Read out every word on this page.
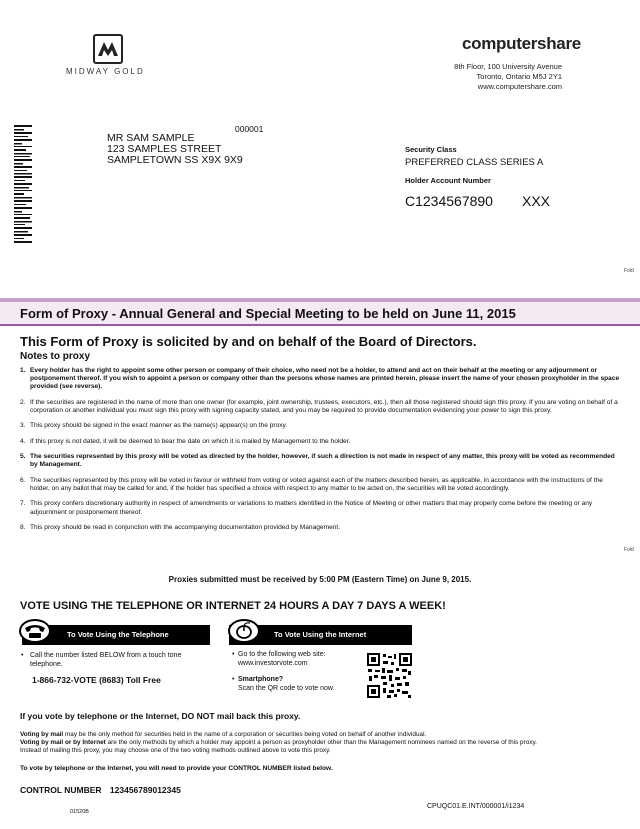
MIDWAY GOLD
computershare
8th Floor, 100 University Avenue
Toronto, Ontario M5J 2Y1
www.computershare.com
000001
MR SAM SAMPLE
123 SAMPLES STREET
SAMPLETOWN SS X9X 9X9
Security Class
PREFERRED CLASS SERIES A
Holder Account Number
C1234567890 XXX
Fold
Fold
Form of Proxy - Annual General and Special Meeting to be held on June 11, 2015
This Form of Proxy is solicited by and on behalf of the Board of Directors.
Notes to proxy
1. Every holder has the right to appoint some other person or company of their choice, who need not be a holder, to attend and act on their behalf at the meeting or any adjournment or postponement thereof. If you wish to appoint a person or company other than the persons whose names are printed herein, please insert the name of your chosen proxyholder in the space provided (see reverse).
2. If the securities are registered in the name of more than one owner (for example, joint ownership, trustees, executors, etc.), then all those registered should sign this proxy. If you are voting on behalf of a corporation or another individual you must sign this proxy with signing capacity stated, and you may be required to provide documentation evidencing your power to sign this proxy.
3. This proxy should be signed in the exact manner as the name(s) appear(s) on the proxy.
4. If this proxy is not dated, it will be deemed to bear the date on which it is mailed by Management to the holder.
5. The securities represented by this proxy will be voted as directed by the holder, however, if such a direction is not made in respect of any matter, this proxy will be voted as recommended by Management.
6. The securities represented by this proxy will be voted in favour or withheld from voting or voted against each of the matters described herein, as applicable, in accordance with the instructions of the holder, on any ballot that may be called for and, if the holder has specified a choice with respect to any matter to be acted on, the securities will be voted accordingly.
7. This proxy confers discretionary authority in respect of amendments or variations to matters identified in the Notice of Meeting or other matters that may properly come before the meeting or any adjournment or postponement thereof.
8. This proxy should be read in conjunction with the accompanying documentation provided by Management.
Proxies submitted must be received by 5:00 PM (Eastern Time) on June 9, 2015.
VOTE USING THE TELEPHONE OR INTERNET 24 HOURS A DAY 7 DAYS A WEEK!
To Vote Using the Telephone	To Vote Using the Internet
• Call the number listed BELOW from a touch tone telephone.
1-866-732-VOTE (8683) Toll Free
• Go to the following web site:
www.investorvote.com
• Smartphone?
Scan the QR code to vote now.
If you vote by telephone or the Internet, DO NOT mail back this proxy.
Voting by mail may be the only method for securities held in the name of a corporation or securities being voted on behalf of another individual.
Voting by mail or by Internet are the only methods by which a holder may appoint a person as proxyholder other than the Management nominees named on the reverse of this proxy.
Instead of mailing this proxy, you may choose one of the two voting methods outlined above to vote this proxy.
To vote by telephone or the Internet, you will need to provide your CONTROL NUMBER listed below.
CONTROL NUMBER 123456789012345
01520B
CPUQC01.E.INT/000001/i1234
